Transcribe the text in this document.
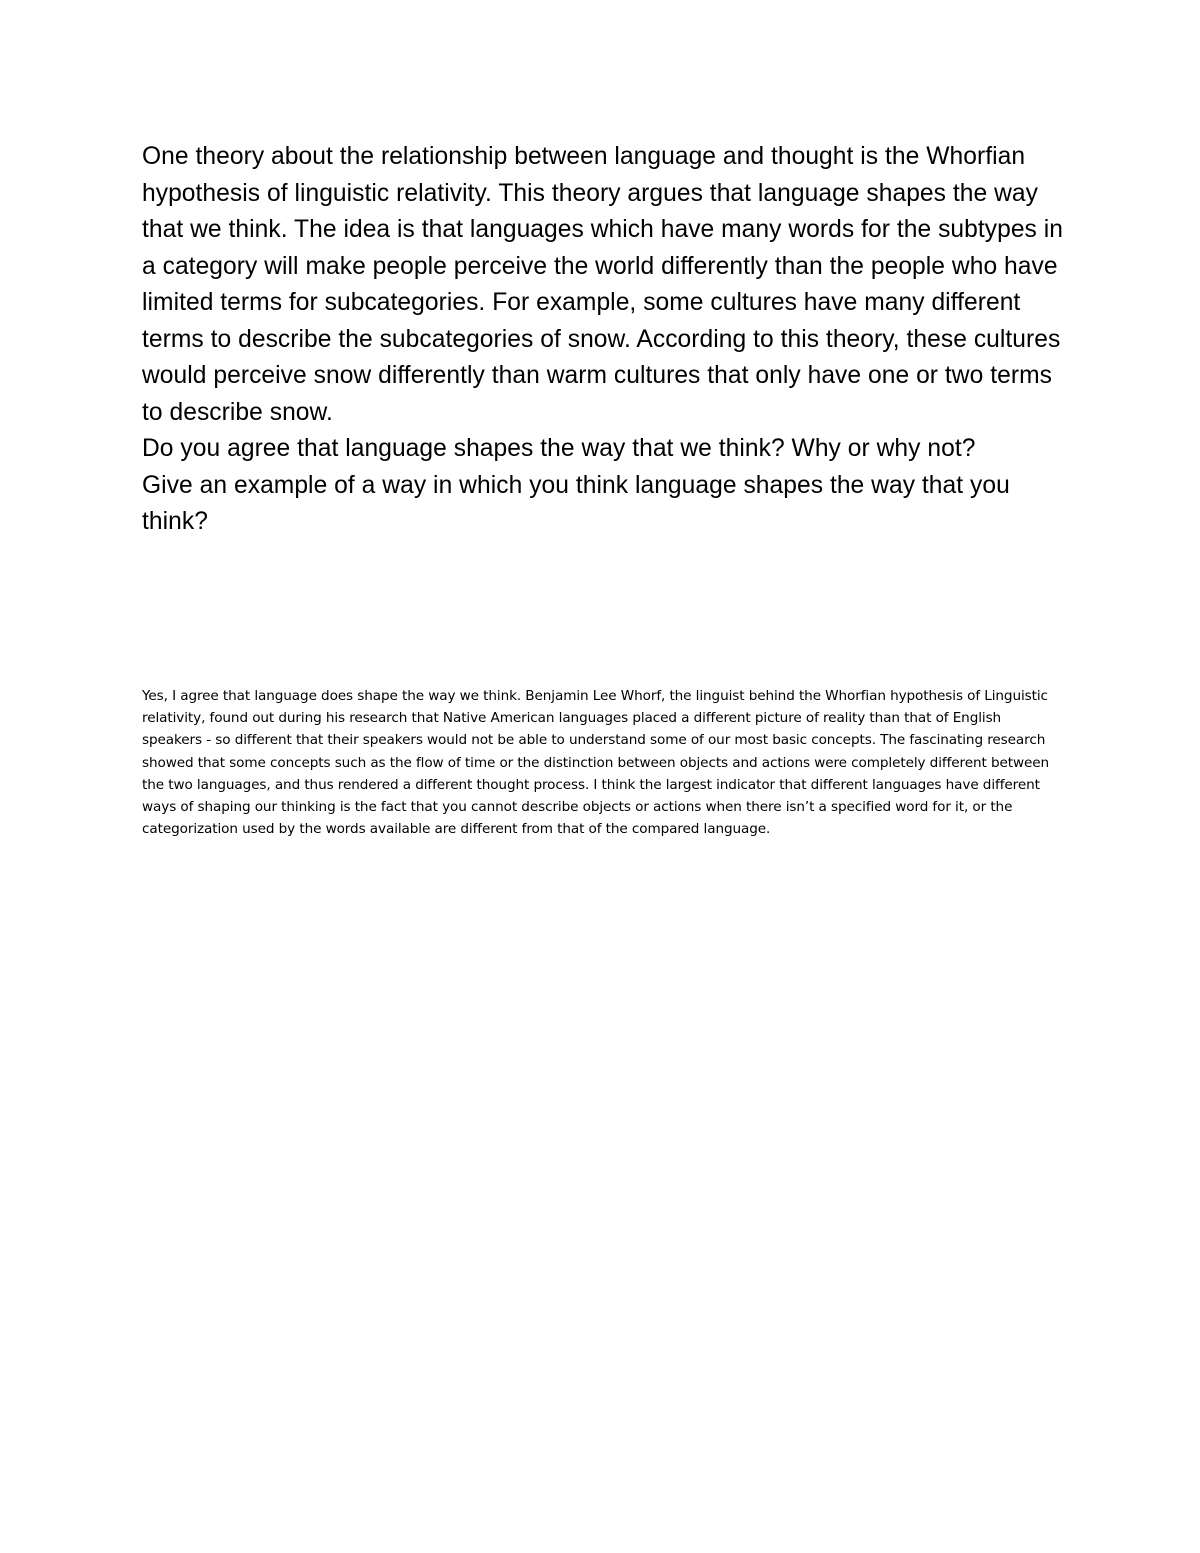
One theory about the relationship between language and thought is the Whorfian hypothesis of linguistic relativity. This theory argues that language shapes the way that we think. The idea is that languages which have many words for the subtypes in a category will make people perceive the world differently than the people who have limited terms for subcategories. For example, some cultures have many different terms to describe the subcategories of snow. According to this theory, these cultures would perceive snow differently than warm cultures that only have one or two terms to describe snow.

Do you agree that language shapes the way that we think? Why or why not?

Give an example of a way in which you think language shapes the way that you think?

Yes, I agree that language does shape the way we think. Benjamin Lee Whorf, the linguist behind the Whorfian hypothesis of Linguistic relativity, found out during his research that Native American languages placed a different picture of reality than that of English speakers - so different that their speakers would not be able to understand some of our most basic concepts. The fascinating research showed that some concepts such as the flow of time or the distinction between objects and actions were completely different between the two languages, and thus rendered a different thought process. I think the largest indicator that different languages have different ways of shaping our thinking is the fact that you cannot describe objects or actions when there isn’t a specified word for it, or the categorization used by the words available are different from that of the compared language.
